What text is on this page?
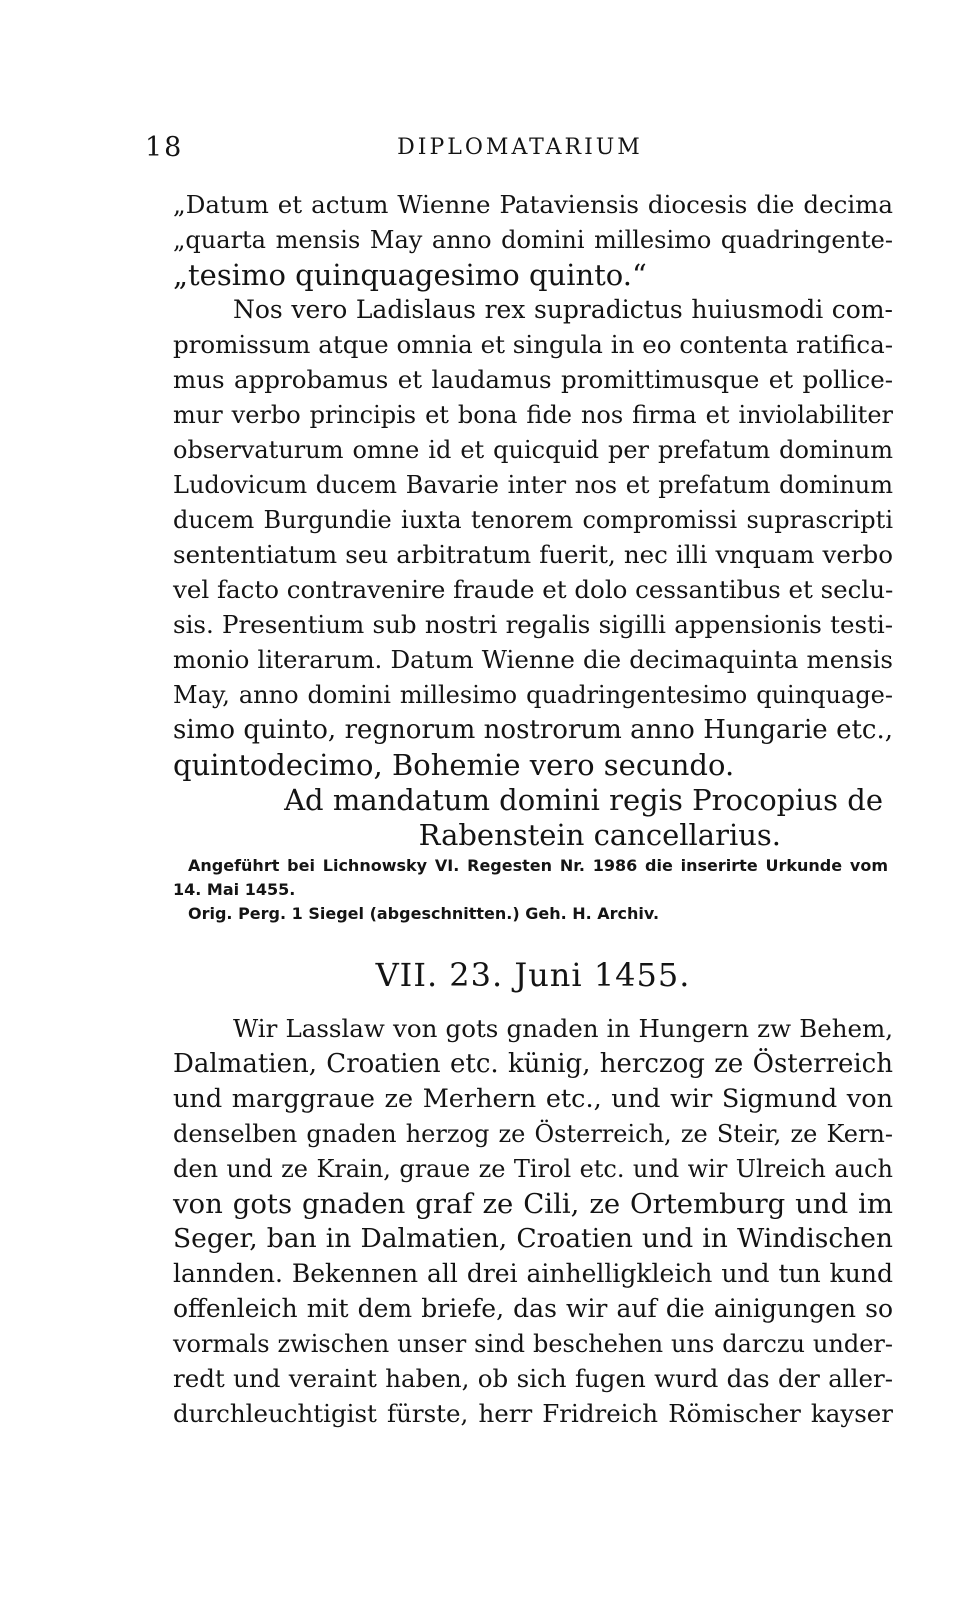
18	DIPLOMATARIUM
„Datum et actum Wienne Pataviensis diocesis die decima
„quarta mensis May anno domini millesimo quadringente-
„tesimo quinquagesimo quinto.“
Nos vero Ladislaus rex supradictus huiusmodi com-
promissum atque omnia et singula in eo contenta ratifica-
mus approbamus et laudamus promittimusque et pollice-
mur verbo principis et bona fide nos firma et inviolabiliter
observaturum omne id et quicquid per prefatum dominum
Ludovicum ducem Bavarie inter nos et prefatum dominum
ducem Burgundie iuxta tenorem compromissi suprascripti
sententiatum seu arbitratum fuerit, nec illi vnquam verbo
vel facto contravenire fraude et dolo cessantibus et seclu-
sis. Presentium sub nostri regalis sigilli appensionis testi-
monio literarum. Datum Wienne die decimaquinta mensis
May, anno domini millesimo quadringentesimo quinquage-
simo quinto, regnorum nostrorum anno Hungarie etc.,
quintodecimo, Bohemie vero secundo.
Ad mandatum domini regis Procopius de
Rabenstein cancellarius.
Angeführt bei Lichnowsky VI. Regesten Nr. 1986 die inserirte Urkunde vom
14. Mai 1455.
Orig. Perg. 1 Siegel (abgeschnitten.) Geh. H. Archiv.
VII. 23. Juni 1455.
Wir Lasslaw von gots gnaden in Hungern zw Behem,
Dalmatien, Croatien etc. künig, herczog ze Österreich
und marggraue ze Merhern etc., und wir Sigmund von
denselben gnaden herzog ze Österreich, ze Steir, ze Kern-
den und ze Krain, graue ze Tirol etc. und wir Ulreich auch
von gots gnaden graf ze Cili, ze Ortemburg und im
Seger, ban in Dalmatien, Croatien und in Windischen
lannden. Bekennen all drei ainhelligkleich und tun kund
offenleich mit dem briefe, das wir auf die ainigungen so
vormals zwischen unser sind beschehen uns darczu under-
redt und veraint haben, ob sich fugen wurd das der aller-
durchleuchtigist fürste, herr Fridreich Römischer kayser
